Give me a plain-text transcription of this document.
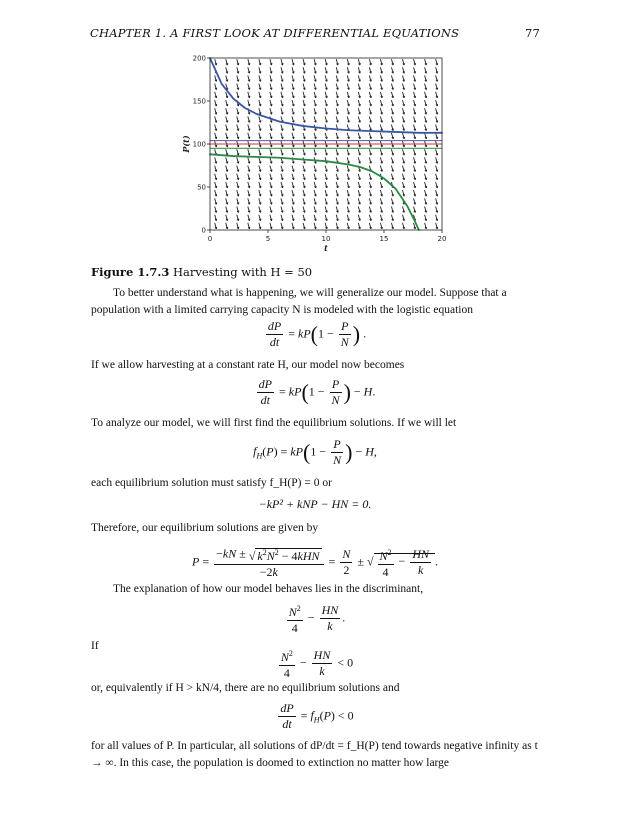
CHAPTER 1. A FIRST LOOK AT DIFFERENTIAL EQUATIONS	77
0	5	10	15	20
0
50
100
150
200
t
P(t)
Figure 1.7.3 Harvesting with H = 50
To better understand what is happening, we will generalize our model. Suppose that a population with a limited carrying capacity N is modeled with the logistic equation
$\frac{dP}{dt} = kP(1 - \frac{P}{N}$ ) .
If we allow harvesting at a constant rate H, our model now becomes
$\frac{dP}{dt} = kP(1 - \frac{P}{N}$ ) − H.
To analyze our model, we will first find the equilibrium solutions. If we will let
$f_H(P) = kP(1 - \frac{P}{N}$ ) − H,
each equilibrium solution must satisfy f_H(P) = 0 or
−kP² + kNP − HN = 0.
Therefore, our equilibrium solutions are given by
$P = \frac{-kN \pm √ k^2N^2 - 4kHN}{-2k} = \frac{N}{2}$ ± √ $\frac{N^2}{4} - \frac{HN}{k}$ .
The explanation of how our model behaves lies in the discriminant,
$\frac{N^2}{4} - \frac{HN}{k}$ .
If	$\frac{N^2}{4} - \frac{HN}{k} < 0$
or, equivalently if H > kN/4, there are no equilibrium solutions and
$\frac{dP}{dt} = f_H(P) < 0$
for all values of P. In particular, all solutions of dP/dt = f_H(P) tend towards negative infinity as t → ∞. In this case, the population is doomed to extinction no matter how large
